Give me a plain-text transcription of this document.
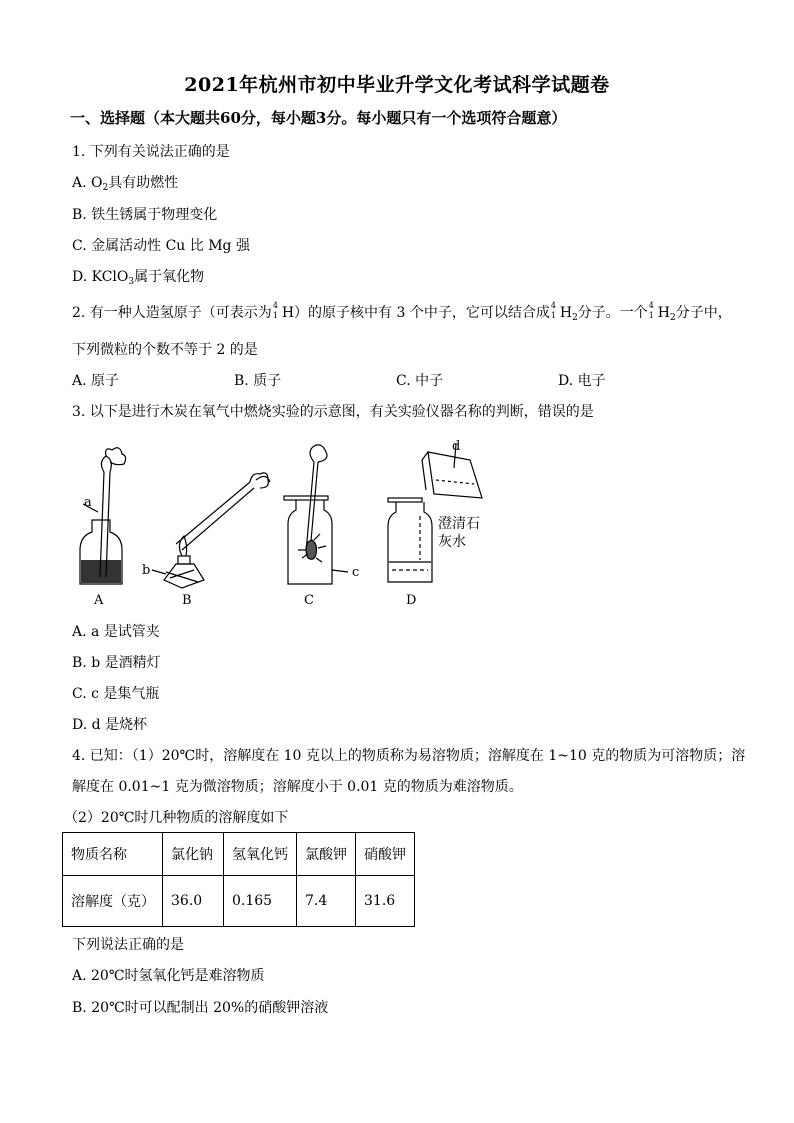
2021年杭州市初中毕业升学文化考试科学试题卷
一、选择题（本大题共60分，每小题3分。每小题只有一个选项符合题意）
1. 下列有关说法正确的是
A. $O_2$具有助燃性
B. 铁生锈属于物理变化
C. 金属活动性 Cu 比 Mg 强
D. KClO$_3$属于氧化物
2. 有一种人造氢原子（可表示为 4
1 H）的原子核中有 3 个中子，它可以结合成 4
1 $H_2$分子。一个 4
1 $H_2$分子中，
下列微粒的个数不等于 2 的是
A. 原子	B. 质子	C. 中子	D. 电子
3. 以下是进行木炭在氧气中燃烧实验的示意图，有关实验仪器名称的判断，错误的是
a
A
b
B
c
C
d
澄清石
灰水
D
A. a 是试管夹
B. b 是酒精灯
C. c 是集气瓶
D. d 是烧杯
4. 已知：（1）20℃时，溶解度在 10 克以上的物质称为易溶物质；溶解度在 1~10 克的物质为可溶物质；溶
解度在 0.01~1 克为微溶物质；溶解度小于 0.01 克的物质为难溶物质。
（2）20℃时几种物质的溶解度如下
物质名称	氯化钠	氢氧化钙	氯酸钾	硝酸钾
溶解度（克）	36.0	0.165	7.4	31.6
下列说法正确的是
A. 20℃时氢氧化钙是难溶物质
B. 20℃时可以配制出 20%的硝酸钾溶液
